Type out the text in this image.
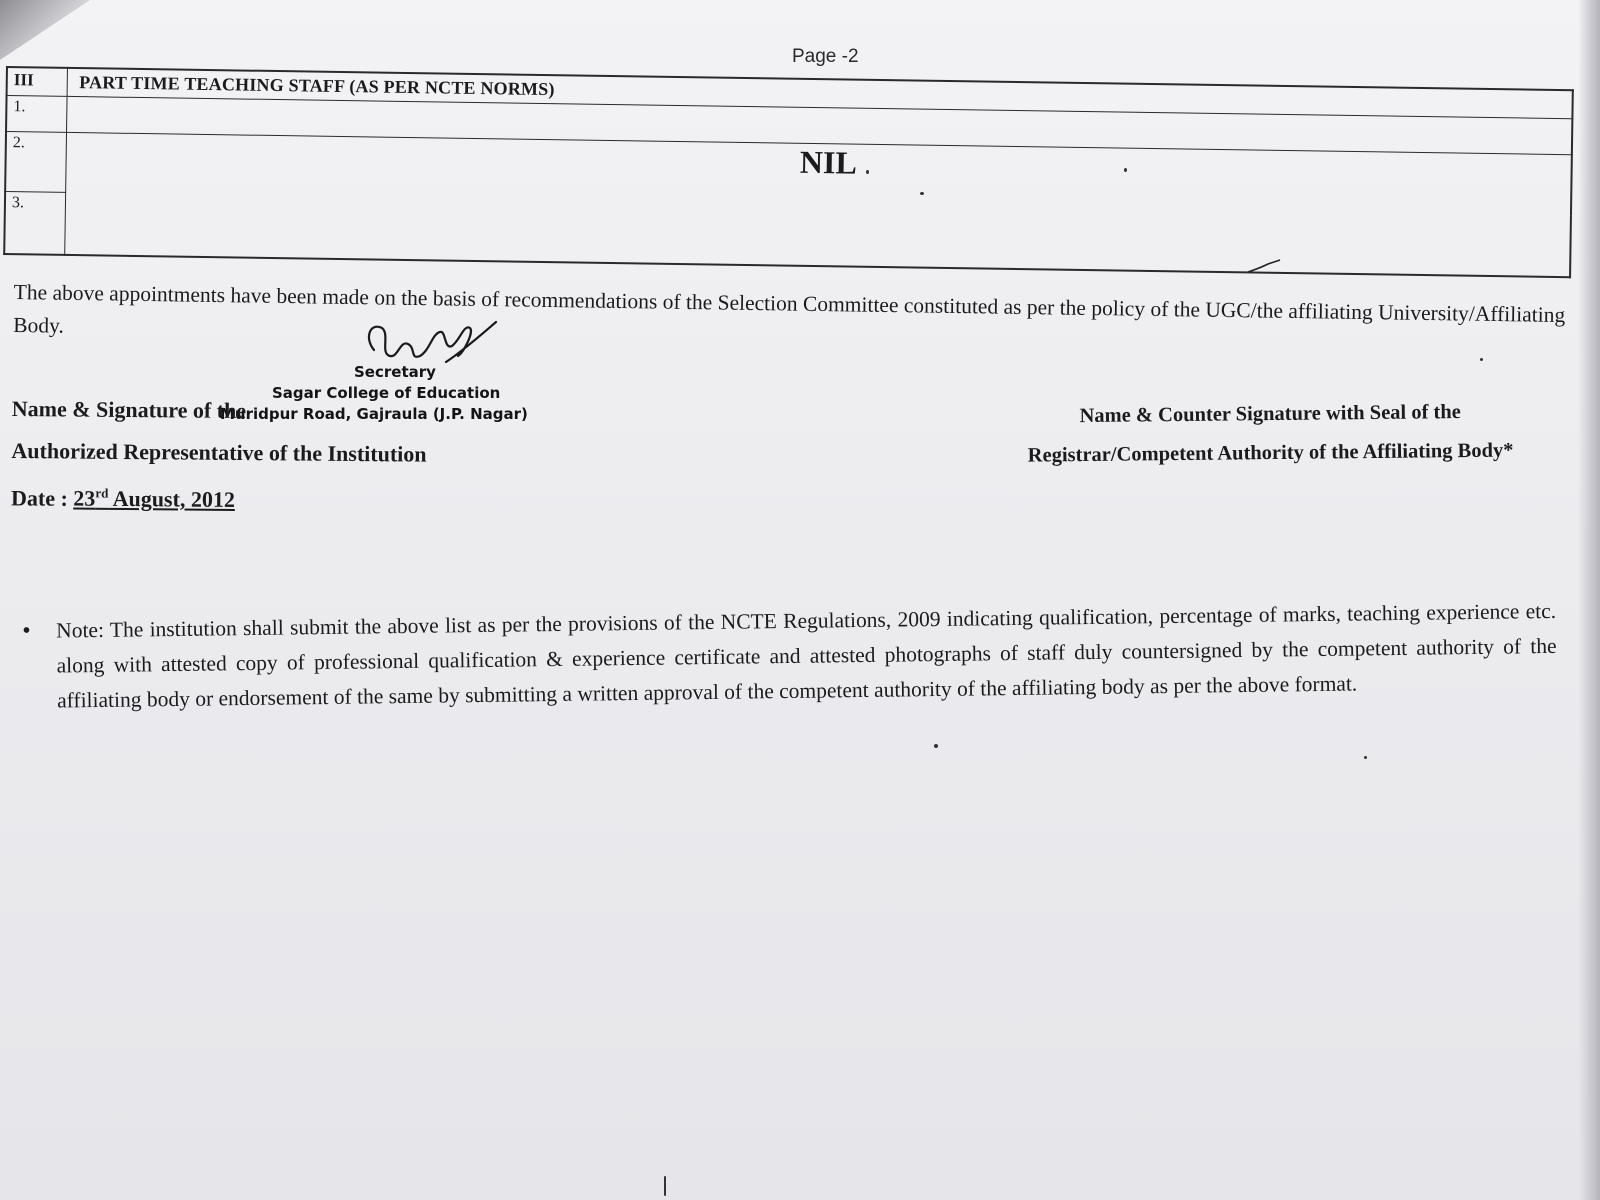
Page -2
III	PART TIME TEACHING STAFF (AS PER NCTE NORMS)
1.	
2.	NIL
3.	
The above appointments have been made on the basis of recommendations of the Selection Committee constituted as per the policy of the UGC/the affiliating University/Affiliating Body.
Secretary
Sagar College of Education
Muridpur Road, Gajraula (J.P. Nagar)
Name & Signature of the
Authorized Representative of the Institution
Date : 23rd August, 2012
Name & Counter Signature with Seal of the
Registrar/Competent Authority of the Affiliating Body*
•	Note: The institution shall submit the above list as per the provisions of the NCTE Regulations, 2009 indicating qualification, percentage of marks, teaching experience etc. along with attested copy of professional qualification & experience certificate and attested photographs of staff duly countersigned by the competent authority of the affiliating body or endorsement of the same by submitting a written approval of the competent authority of the affiliating body as per the above format.
